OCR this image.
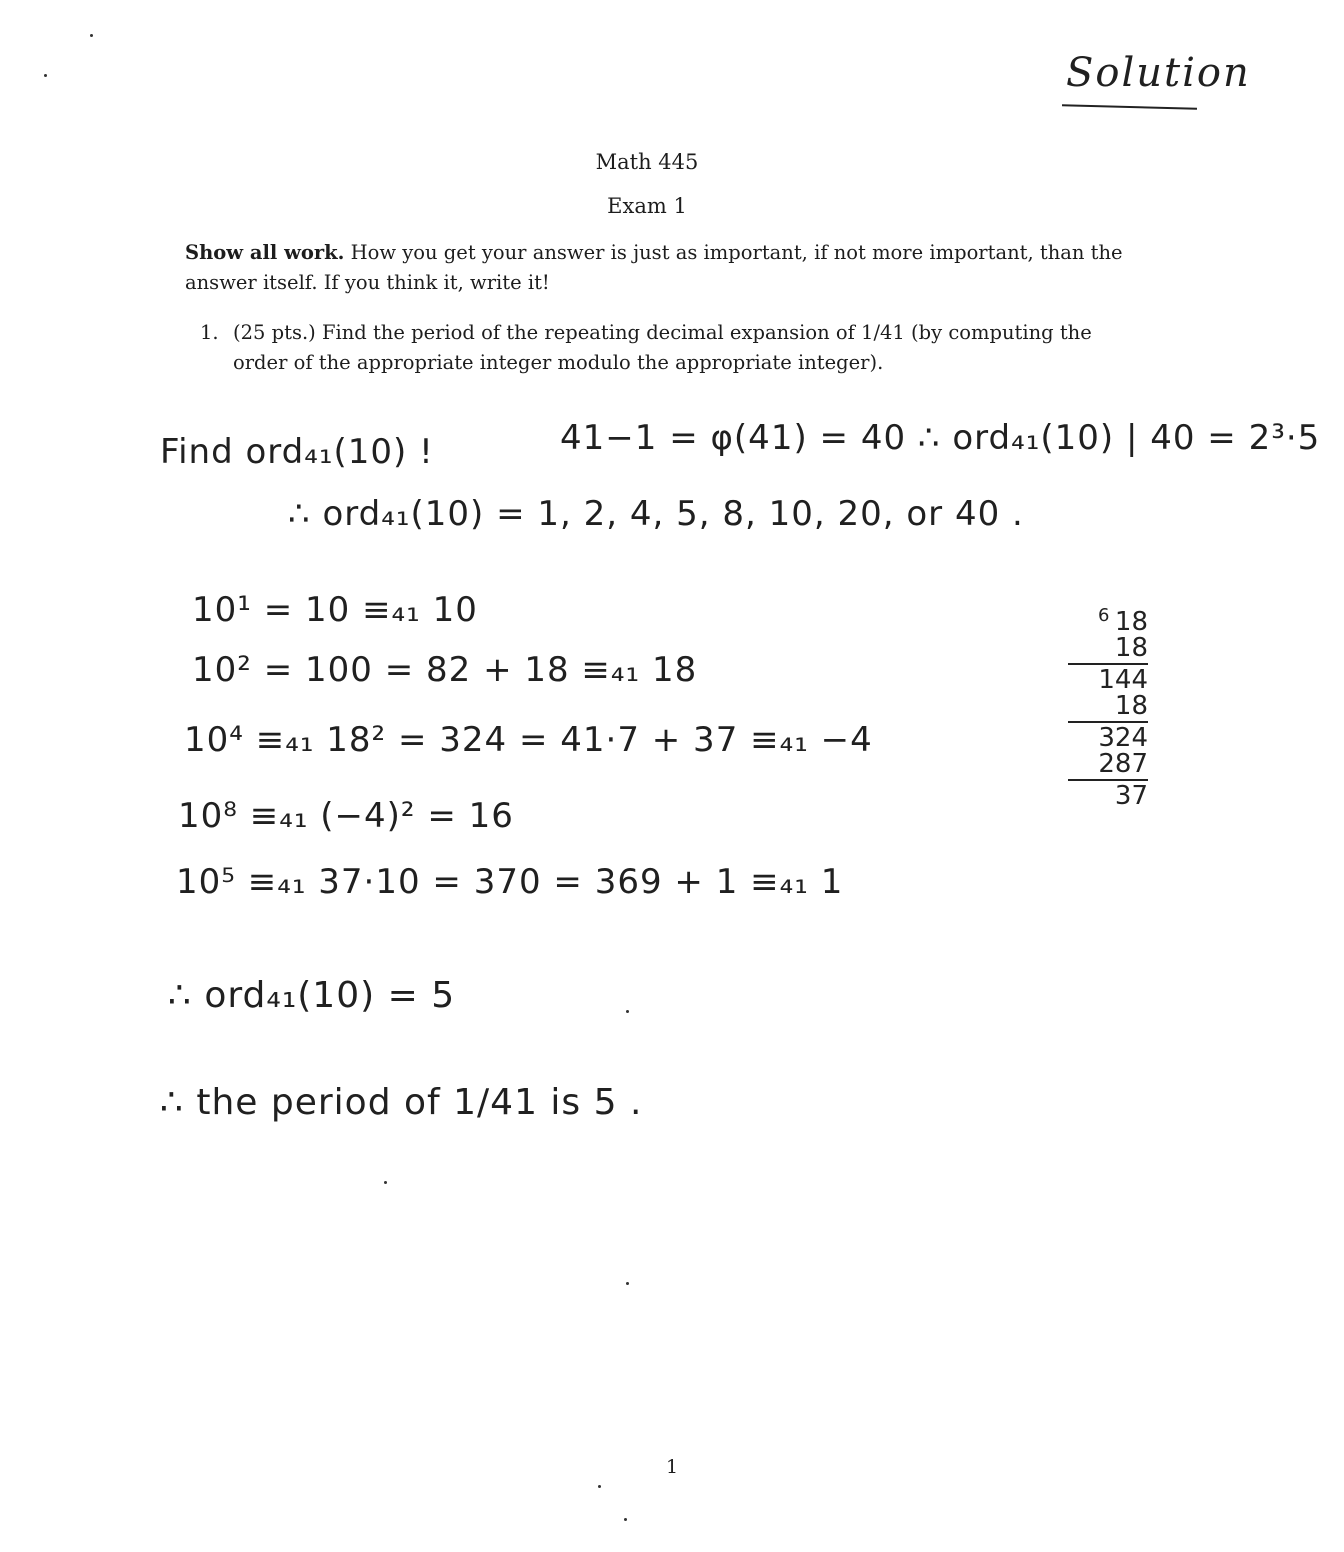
Solution
Math 445
Exam 1
Show all work. How you get your answer is just as important, if not more important, than the answer itself. If you think it, write it!
1. (25 pts.) Find the period of the repeating decimal expansion of 1/41 (by computing the order of the appropriate integer modulo the appropriate integer).
Find ord₄₁(10) !	41−1 = φ(41) = 40 ∴ ord₄₁(10) | 40 = 2³·5
∴ ord₄₁(10) = 1, 2, 4, 5, 8, 10, 20, or 40 .
10¹ = 10 ≡₄₁ 10
10² = 100 = 82 + 18 ≡₄₁ 18
10⁴ ≡₄₁ 18² = 324 = 41·7 + 37 ≡₄₁ −4
10⁸ ≡₄₁ (−4)² = 16
10⁵ ≡₄₁ 37·10 = 370 = 369 + 1 ≡₄₁ 1
∴ ord₄₁(10) = 5
∴ the period of 1/41 is 5 .
6 18
18
144
18
324
287
37
1
